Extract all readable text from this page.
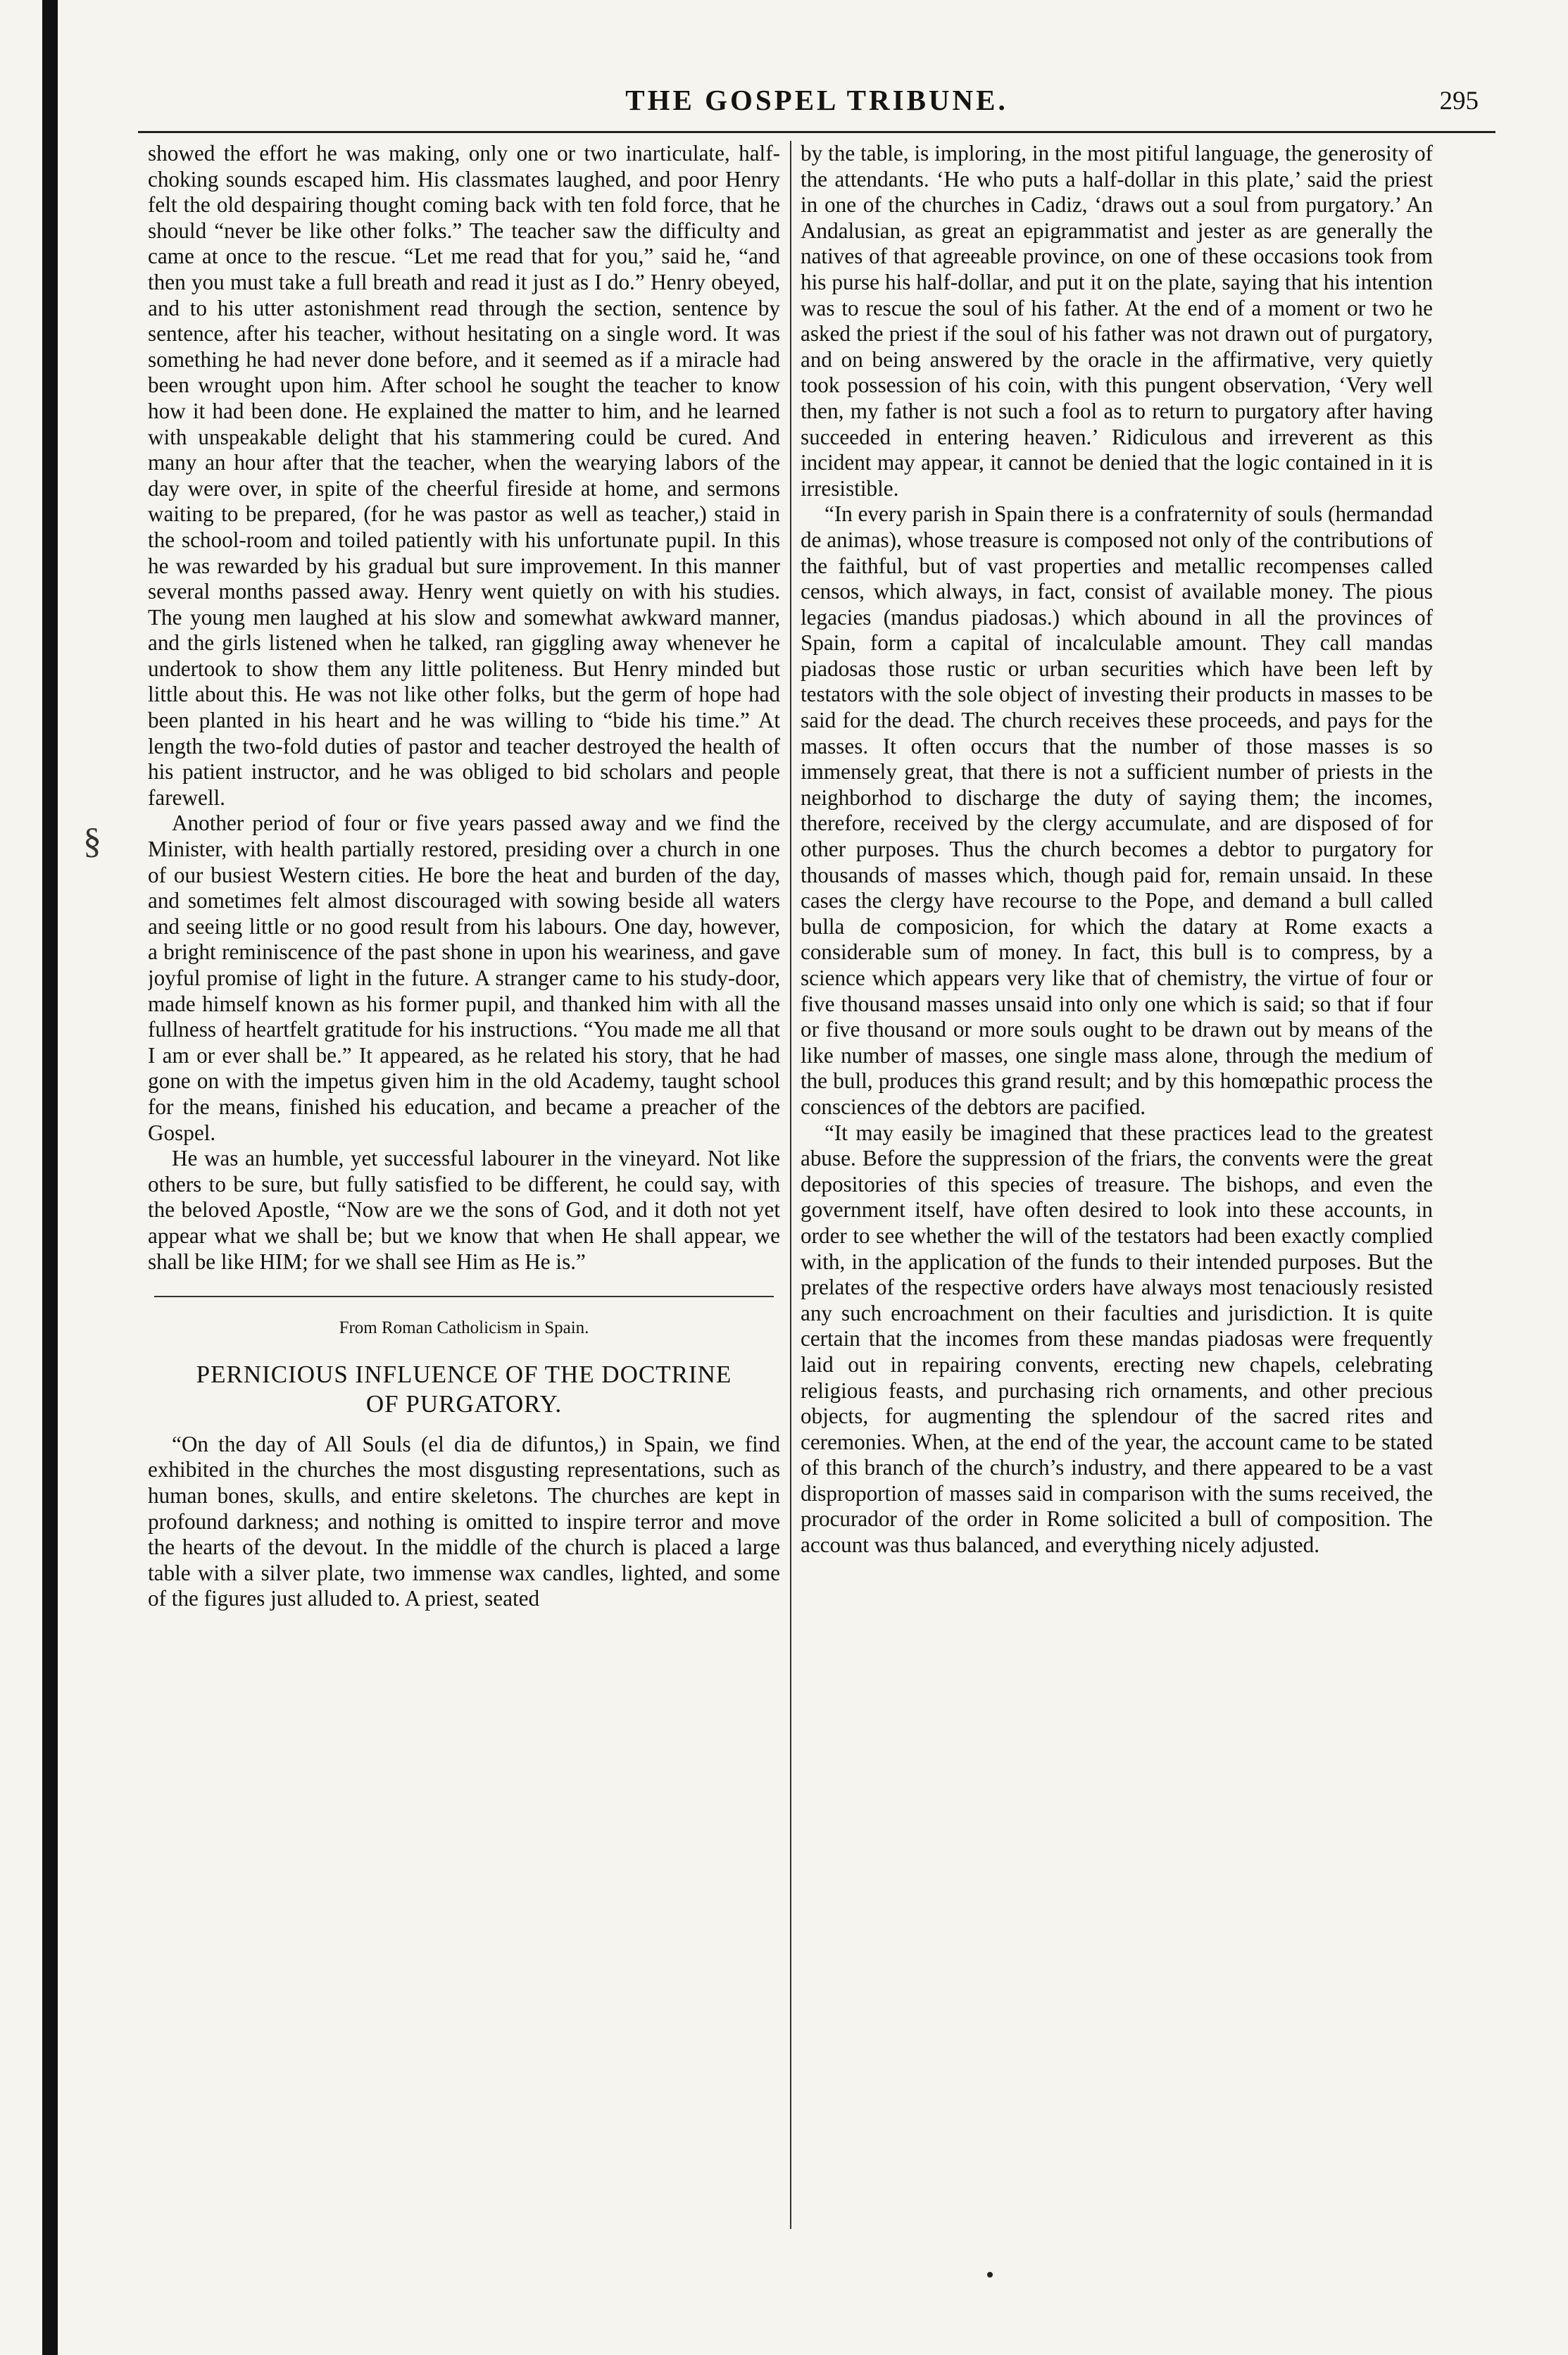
§
THE GOSPEL TRIBUNE.	295

showed the effort he was making, only one or two inarticulate, half-choking sounds escaped him. His classmates laughed, and poor Henry felt the old despairing thought coming back with ten fold force, that he should “never be like other folks.” The teacher saw the difficulty and came at once to the rescue. “Let me read that for you,” said he, “and then you must take a full breath and read it just as I do.” Henry obeyed, and to his utter astonishment read through the section, sentence by sentence, after his teacher, without hesitating on a single word. It was something he had never done before, and it seemed as if a miracle had been wrought upon him. After school he sought the teacher to know how it had been done. He explained the matter to him, and he learned with unspeakable delight that his stammering could be cured. And many an hour after that the teacher, when the wearying labors of the day were over, in spite of the cheerful fireside at home, and sermons waiting to be prepared, (for he was pastor as well as teacher,) staid in the school-room and toiled patiently with his unfortunate pupil. In this he was rewarded by his gradual but sure improvement. In this manner several months passed away. Henry went quietly on with his studies. The young men laughed at his slow and somewhat awkward manner, and the girls listened when he talked, ran giggling away whenever he undertook to show them any little politeness. But Henry minded but little about this. He was not like other folks, but the germ of hope had been planted in his heart and he was willing to “bide his time.” At length the two-fold duties of pastor and teacher destroyed the health of his patient instructor, and he was obliged to bid scholars and people farewell.

Another period of four or five years passed away and we find the Minister, with health partially restored, presiding over a church in one of our busiest Western cities. He bore the heat and burden of the day, and sometimes felt almost discouraged with sowing beside all waters and seeing little or no good result from his labours. One day, however, a bright reminiscence of the past shone in upon his weariness, and gave joyful promise of light in the future. A stranger came to his study-door, made himself known as his former pupil, and thanked him with all the fullness of heartfelt gratitude for his instructions. “You made me all that I am or ever shall be.” It appeared, as he related his story, that he had gone on with the impetus given him in the old Academy, taught school for the means, finished his education, and became a preacher of the Gospel.

He was an humble, yet successful labourer in the vineyard. Not like others to be sure, but fully satisfied to be different, he could say, with the beloved Apostle, “Now are we the sons of God, and it doth not yet appear what we shall be; but we know that when He shall appear, we shall be like HIM; for we shall see Him as He is.”

From Roman Catholicism in Spain.

PERNICIOUS INFLUENCE OF THE DOCTRINE
OF PURGATORY.

“On the day of All Souls (el dia de difuntos,) in Spain, we find exhibited in the churches the most disgusting representations, such as human bones, skulls, and entire skeletons. The churches are kept in profound darkness; and nothing is omitted to inspire terror and move the hearts of the devout. In the middle of the church is placed a large table with a silver plate, two immense wax candles, lighted, and some of the figures just alluded to. A priest, seated

by the table, is imploring, in the most pitiful language, the generosity of the attendants. ‘He who puts a half-dollar in this plate,’ said the priest in one of the churches in Cadiz, ‘draws out a soul from purgatory.’ An Andalusian, as great an epigrammatist and jester as are generally the natives of that agreeable province, on one of these occasions took from his purse his half-dollar, and put it on the plate, saying that his intention was to rescue the soul of his father. At the end of a moment or two he asked the priest if the soul of his father was not drawn out of purgatory, and on being answered by the oracle in the affirmative, very quietly took possession of his coin, with this pungent observation, ‘Very well then, my father is not such a fool as to return to purgatory after having succeeded in entering heaven.’ Ridiculous and irreverent as this incident may appear, it cannot be denied that the logic contained in it is irresistible.

“In every parish in Spain there is a confraternity of souls (hermandad de animas), whose treasure is composed not only of the contributions of the faithful, but of vast properties and metallic recompenses called censos, which always, in fact, consist of available money. The pious legacies (mandus piadosas.) which abound in all the provinces of Spain, form a capital of incalculable amount. They call mandas piadosas those rustic or urban securities which have been left by testators with the sole object of investing their products in masses to be said for the dead. The church receives these proceeds, and pays for the masses. It often occurs that the number of those masses is so immensely great, that there is not a sufficient number of priests in the neighborhod to discharge the duty of saying them; the incomes, therefore, received by the clergy accumulate, and are disposed of for other purposes. Thus the church becomes a debtor to purgatory for thousands of masses which, though paid for, remain unsaid. In these cases the clergy have recourse to the Pope, and demand a bull called bulla de composicion, for which the datary at Rome exacts a considerable sum of money. In fact, this bull is to compress, by a science which appears very like that of chemistry, the virtue of four or five thousand masses unsaid into only one which is said; so that if four or five thousand or more souls ought to be drawn out by means of the like number of masses, one single mass alone, through the medium of the bull, produces this grand result; and by this homœpathic process the consciences of the debtors are pacified.

“It may easily be imagined that these practices lead to the greatest abuse. Before the suppression of the friars, the convents were the great depositories of this species of treasure. The bishops, and even the government itself, have often desired to look into these accounts, in order to see whether the will of the testators had been exactly complied with, in the application of the funds to their intended purposes. But the prelates of the respective orders have always most tenaciously resisted any such encroachment on their faculties and jurisdiction. It is quite certain that the incomes from these mandas piadosas were frequently laid out in repairing convents, erecting new chapels, celebrating religious feasts, and purchasing rich ornaments, and other precious objects, for augmenting the splendour of the sacred rites and ceremonies. When, at the end of the year, the account came to be stated of this branch of the church’s industry, and there appeared to be a vast disproportion of masses said in comparison with the sums received, the procurador of the order in Rome solicited a bull of composition. The account was thus balanced, and everything nicely adjusted.
